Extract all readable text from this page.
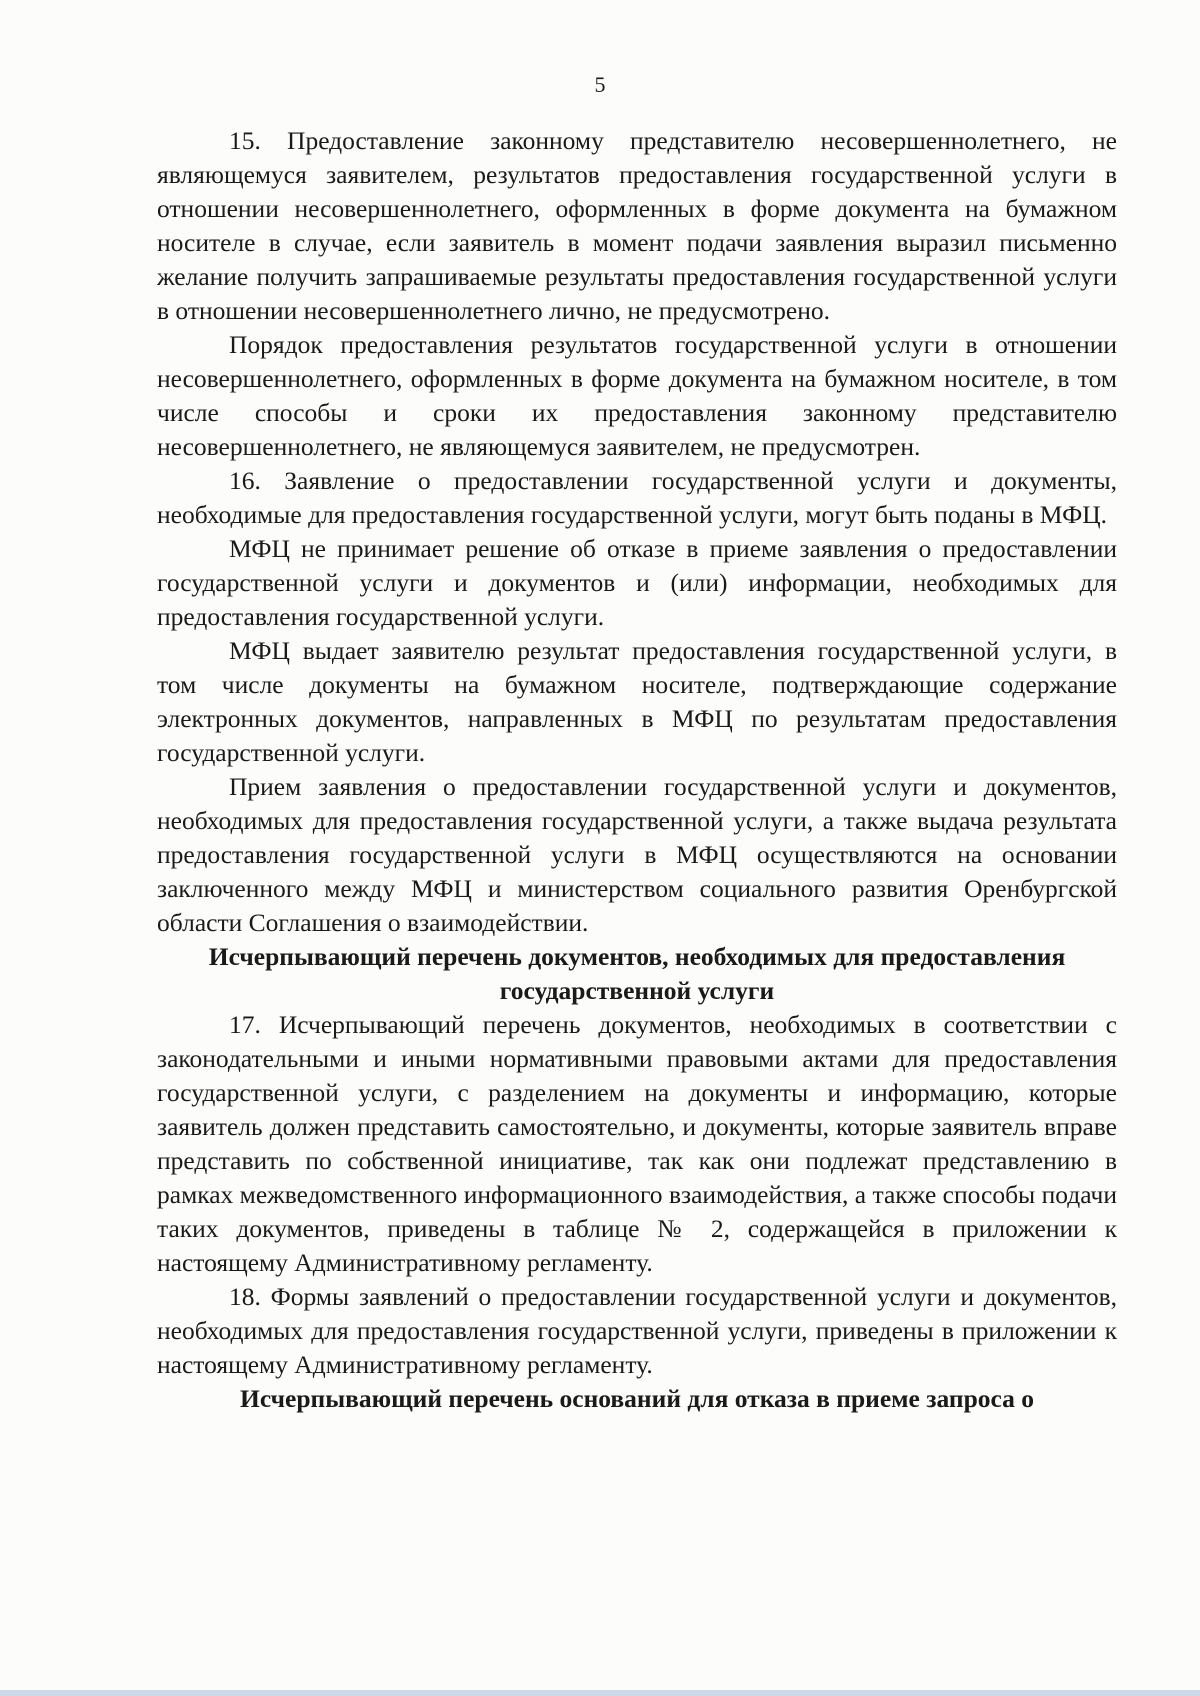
5

15. Предоставление законному представителю несовершеннолетнего, не являющемуся заявителем, результатов предоставления государственной услуги в отношении несовершеннолетнего, оформленных в форме документа на бумажном носителе в случае, если заявитель в момент подачи заявления выразил письменно желание получить запрашиваемые результаты предоставления государственной услуги в отношении несовершеннолетнего лично, не предусмотрено.

Порядок предоставления результатов государственной услуги в отношении несовершеннолетнего, оформленных в форме документа на бумажном носителе, в том числе способы и сроки их предоставления законному представителю несовершеннолетнего, не являющемуся заявителем, не предусмотрен.

16. Заявление о предоставлении государственной услуги и документы, необходимые для предоставления государственной услуги, могут быть поданы в МФЦ.

МФЦ не принимает решение об отказе в приеме заявления о предоставлении государственной услуги и документов и (или) информации, необходимых для предоставления государственной услуги.

МФЦ выдает заявителю результат предоставления государственной услуги, в том числе документы на бумажном носителе, подтверждающие содержание электронных документов, направленных в МФЦ по результатам предоставления государственной услуги.

Прием заявления о предоставлении государственной услуги и документов, необходимых для предоставления государственной услуги, а также выдача результата предоставления государственной услуги в МФЦ осуществляются на основании заключенного между МФЦ и министерством социального развития Оренбургской области Соглашения о взаимодействии.

Исчерпывающий перечень документов, необходимых для предоставления государственной услуги

17. Исчерпывающий перечень документов, необходимых в соответствии с законодательными и иными нормативными правовыми актами для предоставления государственной услуги, с разделением на документы и информацию, которые заявитель должен представить самостоятельно, и документы, которые заявитель вправе представить по собственной инициативе, так как они подлежат представлению в рамках межведомственного информационного взаимодействия, а также способы подачи таких документов, приведены в таблице № 2, содержащейся в приложении к настоящему Административному регламенту.

18. Формы заявлений о предоставлении государственной услуги и документов, необходимых для предоставления государственной услуги, приведены в приложении к настоящему Административному регламенту.

Исчерпывающий перечень оснований для отказа в приеме запроса о
